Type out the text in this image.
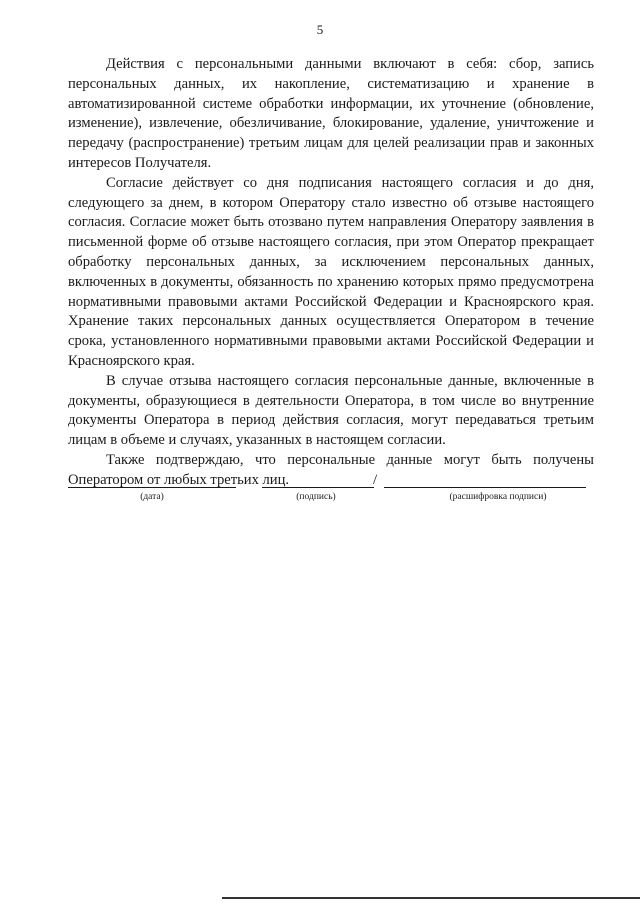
5

Действия с персональными данными включают в себя: сбор, запись персональных данных, их накопление, систематизацию и хранение в автоматизированной системе обработки информации, их уточнение (обновление, изменение), извлечение, обезличивание, блокирование, удаление, уничтожение и передачу (распространение) третьим лицам для целей реализации прав и законных интересов Получателя.

Согласие действует со дня подписания настоящего согласия и до дня, следующего за днем, в котором Оператору стало известно об отзыве настоящего согласия. Согласие может быть отозвано путем направления Оператору заявления в письменной форме об отзыве настоящего согласия, при этом Оператор прекращает обработку персональных данных, за исключением персональных данных, включенных в документы, обязанность по хранению которых прямо предусмотрена нормативными правовыми актами Российской Федерации и Красноярского края. Хранение таких персональных данных осуществляется Оператором в течение срока, установленного нормативными правовыми актами Российской Федерации и Красноярского края.

В случае отзыва настоящего согласия персональные данные, включенные в документы, образующиеся в деятельности Оператора, в том числе во внутренние документы Оператора в период действия согласия, могут передаваться третьим лицам в объеме и случаях, указанных в настоящем согласии.

Также подтверждаю, что персональные данные могут быть получены Оператором от любых третьих лиц.	/
(дата)	(подпись)	(расшифровка подписи)
